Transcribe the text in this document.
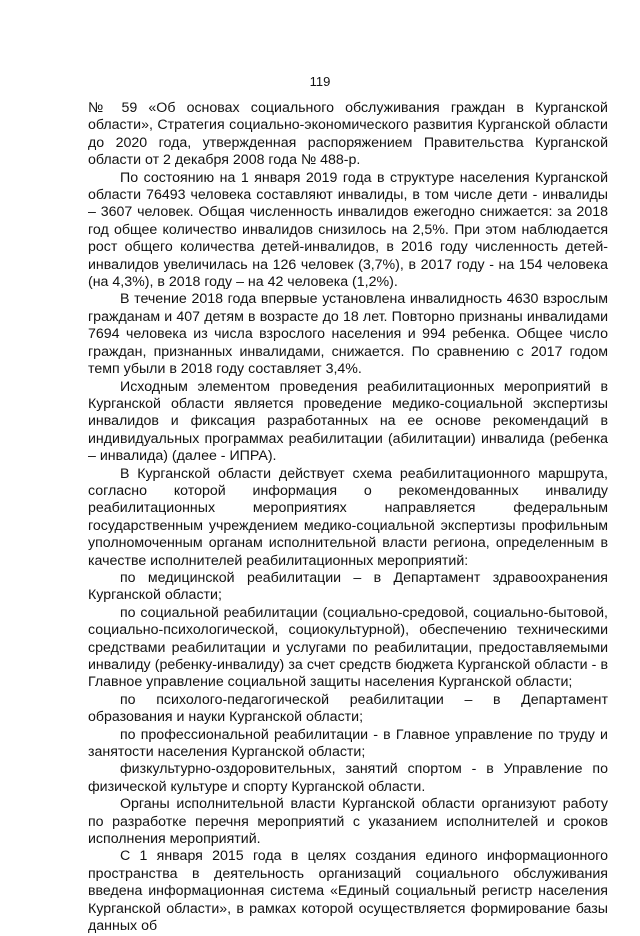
119

№ 59 «Об основах социального обслуживания граждан в Курганской области», Стратегия социально-экономического развития Курганской области до 2020 года, утвержденная распоряжением Правительства Курганской области от 2 декабря 2008 года № 488-р.

По состоянию на 1 января 2019 года в структуре населения Курганской области 76493 человека составляют инвалиды, в том числе дети - инвалиды – 3607 человек. Общая численность инвалидов ежегодно снижается: за 2018 год общее количество инвалидов снизилось на 2,5%. При этом наблюдается рост общего количества детей-инвалидов, в 2016 году численность детей-инвалидов увеличилась на 126 человек (3,7%), в 2017 году - на 154 человека (на 4,3%), в 2018 году – на 42 человека (1,2%).

В течение 2018 года впервые установлена инвалидность 4630 взрослым гражданам и 407 детям в возрасте до 18 лет. Повторно признаны инвалидами 7694 человека из числа взрослого населения и 994 ребенка. Общее число граждан, признанных инвалидами, снижается. По сравнению с 2017 годом темп убыли в 2018 году составляет 3,4%.

Исходным элементом проведения реабилитационных мероприятий в Курганской области является проведение медико-социальной экспертизы инвалидов и фиксация разработанных на ее основе рекомендаций в индивидуальных программах реабилитации (абилитации) инвалида (ребенка – инвалида) (далее - ИПРА).

В Курганской области действует схема реабилитационного маршрута, согласно которой информация о рекомендованных инвалиду реабилитационных мероприятиях направляется федеральным государственным учреждением медико-социальной экспертизы профильным уполномоченным органам исполнительной власти региона, определенным в качестве исполнителей реабилитационных мероприятий:

по медицинской реабилитации – в Департамент здравоохранения Курганской области;

по социальной реабилитации (социально-средовой, социально-бытовой, социально-психологической, социокультурной), обеспечению техническими средствами реабилитации и услугами по реабилитации, предоставляемыми инвалиду (ребенку-инвалиду) за счет средств бюджета Курганской области - в Главное управление социальной защиты населения Курганской области;

по психолого-педагогической реабилитации – в Департамент образования и науки Курганской области;

по профессиональной реабилитации - в Главное управление по труду и занятости населения Курганской области;

физкультурно-оздоровительных, занятий спортом - в Управление по физической культуре и спорту Курганской области.

Органы исполнительной власти Курганской области организуют работу по разработке перечня мероприятий с указанием исполнителей и сроков исполнения мероприятий.

С 1 января 2015 года в целях создания единого информационного пространства в деятельность организаций социального обслуживания введена информационная система «Единый социальный регистр населения Курганской области», в рамках которой осуществляется формирование базы данных об
